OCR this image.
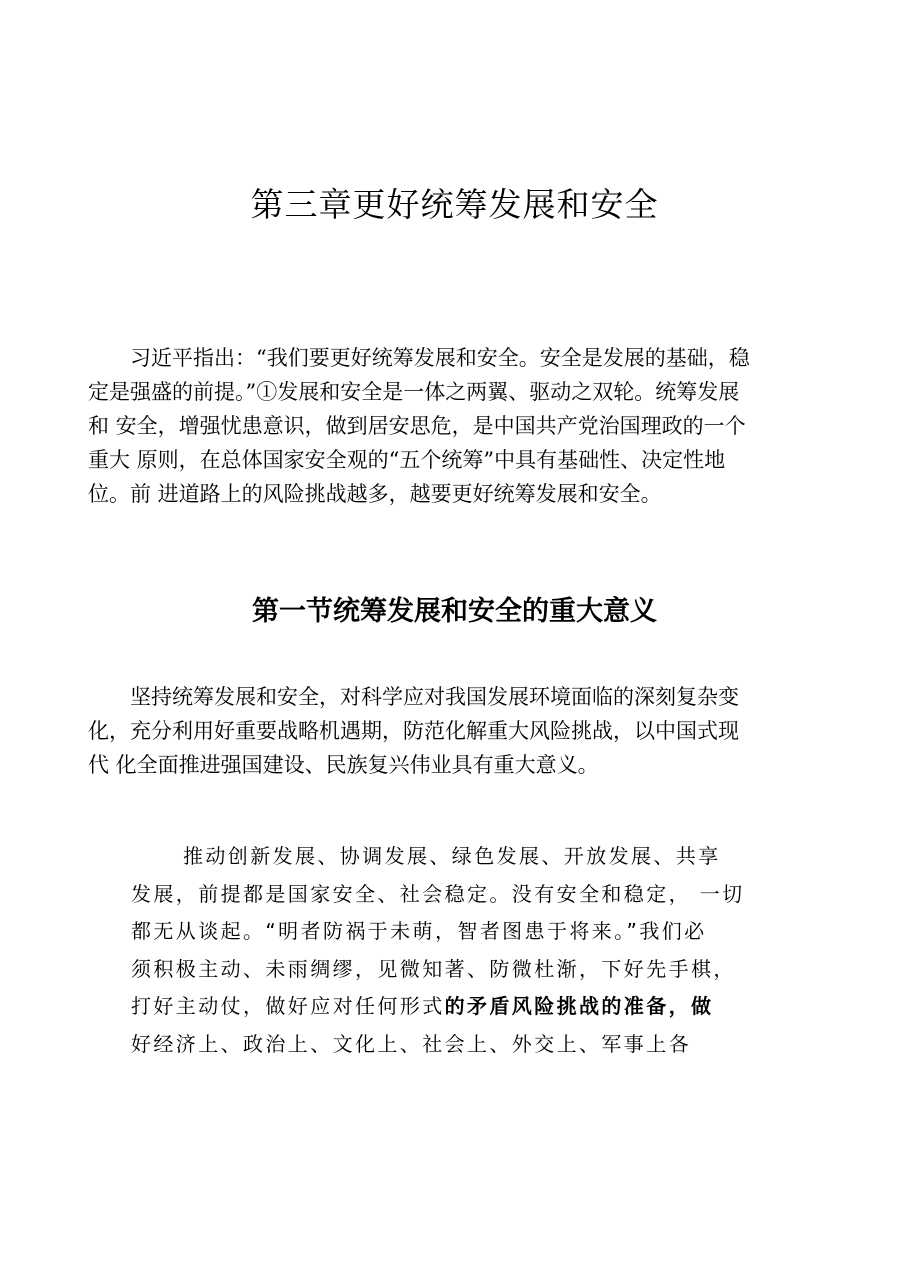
第三章更好统筹发展和安全

习近平指出：“我们要更好统筹发展和安全。安全是发展的基础，稳
定是强盛的前提。”①发展和安全是一体之两翼、驱动之双轮。统筹发展
和 安全，增强忧患意识，做到居安思危，是中国共产党治国理政的一个
重大 原则，在总体国家安全观的“五个统筹”中具有基础性、决定性地
位。前 进道路上的风险挑战越多，越要更好统筹发展和安全。

第一节统筹发展和安全的重大意义

坚持统筹发展和安全，对科学应对我国发展环境面临的深刻复杂变
化，充分利用好重要战略机遇期，防范化解重大风险挑战，以中国式现
代 化全面推进强国建设、民族复兴伟业具有重大意义。

推动创新发展、协调发展、绿色发展、开放发展、共享
发展，前提都是国家安全、社会稳定。没有安全和稳定， 一切
都无从谈起。“明者防祸于未萌，智者图患于将来。”我们必
须积极主动、未雨绸缪，见微知著、防微杜渐，下好先手棋，
打好主动仗，做好应对任何形式的矛盾风险挑战的准备，做
好经济上、政治上、文化上、社会上、外交上、军事上各
